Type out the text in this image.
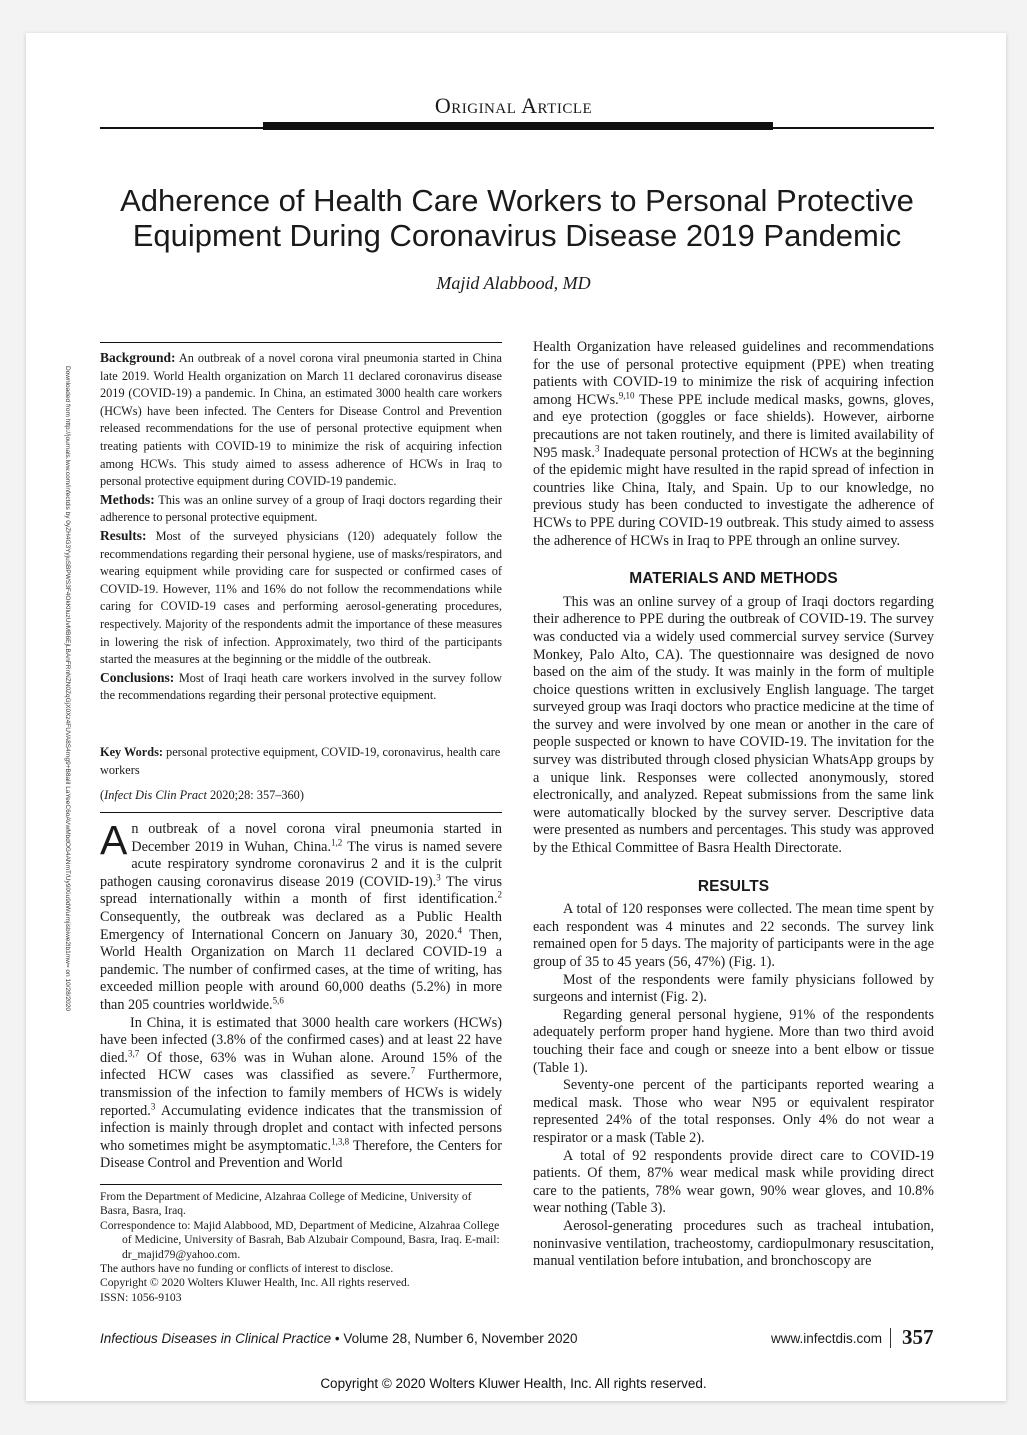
Original Article
Adherence of Health Care Workers to Personal Protective Equipment During Coronavirus Disease 2019 Pandemic
Majid Alabbood, MD
Downloaded from http://journals.lww.com/infectdis by 0yZH4G3YyjuSBPWS3F4OkKlluzUvMB6EjLBAnFRnNZN0ZqGjX0Xz4FUVA8S4rng9+B8alil LaYeeC6oAVwMbdOG4ANmT/Uy9lXiu9dWuimjisbiwe2lb1mw= on 10/28/2020

Background: An outbreak of a novel corona viral pneumonia started in China late 2019. World Health organization on March 11 declared coronavirus disease 2019 (COVID-19) a pandemic. In China, an estimated 3000 health care workers (HCWs) have been infected. The Centers for Disease Control and Prevention released recommendations for the use of personal protective equipment when treating patients with COVID-19 to minimize the risk of acquiring infection among HCWs. This study aimed to assess adherence of HCWs in Iraq to personal protective equipment during COVID-19 pandemic.

Methods: This was an online survey of a group of Iraqi doctors regarding their adherence to personal protective equipment.

Results: Most of the surveyed physicians (120) adequately follow the recommendations regarding their personal hygiene, use of masks/respirators, and wearing equipment while providing care for suspected or confirmed cases of COVID-19. However, 11% and 16% do not follow the recommendations while caring for COVID-19 cases and performing aerosol-generating procedures, respectively. Majority of the respondents admit the importance of these measures in lowering the risk of infection. Approximately, two third of the participants started the measures at the beginning or the middle of the outbreak.

Conclusions: Most of Iraqi heath care workers involved in the survey follow the recommendations regarding their personal protective equipment.

Key Words: personal protective equipment, COVID-19, coronavirus, health care workers
(Infect Dis Clin Pract 2020;28: 357–360)

An outbreak of a novel corona viral pneumonia started in December 2019 in Wuhan, China.$^{1,2}$ The virus is named severe acute respiratory syndrome coronavirus 2 and it is the culprit pathogen causing coronavirus disease 2019 (COVID-19).$^3$ The virus spread internationally within a month of first identification.$^2$ Consequently, the outbreak was declared as a Public Health Emergency of International Concern on January 30, 2020.$^4$ Then, World Health Organization on March 11 declared COVID-19 a pandemic. The number of confirmed cases, at the time of writing, has exceeded million people with around 60,000 deaths (5.2%) in more than 205 countries worldwide.$^{5,6}$

In China, it is estimated that 3000 health care workers (HCWs) have been infected (3.8% of the confirmed cases) and at least 22 have died.$^{3,7}$ Of those, 63% was in Wuhan alone. Around 15% of the infected HCW cases was classified as severe.$^7$ Furthermore, transmission of the infection to family members of HCWs is widely reported.$^3$ Accumulating evidence indicates that the transmission of infection is mainly through droplet and contact with infected persons who sometimes might be asymptomatic.$^{1,3,8}$ Therefore, the Centers for Disease Control and Prevention and World

From the Department of Medicine, Alzahraa College of Medicine, University of Basra, Basra, Iraq.

Correspondence to: Majid Alabbood, MD, Department of Medicine, Alzahraa College of Medicine, University of Basrah, Bab Alzubair Compound, Basra, Iraq. E-mail: dr_majid79@yahoo.com.

The authors have no funding or conflicts of interest to disclose.

Copyright © 2020 Wolters Kluwer Health, Inc. All rights reserved.

ISSN: 1056-9103

Health Organization have released guidelines and recommendations for the use of personal protective equipment (PPE) when treating patients with COVID-19 to minimize the risk of acquiring infection among HCWs.$^{9,10}$ These PPE include medical masks, gowns, gloves, and eye protection (goggles or face shields). However, airborne precautions are not taken routinely, and there is limited availability of N95 mask.$^3$ Inadequate personal protection of HCWs at the beginning of the epidemic might have resulted in the rapid spread of infection in countries like China, Italy, and Spain. Up to our knowledge, no previous study has been conducted to investigate the adherence of HCWs to PPE during COVID-19 outbreak. This study aimed to assess the adherence of HCWs in Iraq to PPE through an online survey.

MATERIALS AND METHODS

This was an online survey of a group of Iraqi doctors regarding their adherence to PPE during the outbreak of COVID-19. The survey was conducted via a widely used commercial survey service (Survey Monkey, Palo Alto, CA). The questionnaire was designed de novo based on the aim of the study. It was mainly in the form of multiple choice questions written in exclusively English language. The target surveyed group was Iraqi doctors who practice medicine at the time of the survey and were involved by one mean or another in the care of people suspected or known to have COVID-19. The invitation for the survey was distributed through closed physician WhatsApp groups by a unique link. Responses were collected anonymously, stored electronically, and analyzed. Repeat submissions from the same link were automatically blocked by the survey server. Descriptive data were presented as numbers and percentages. This study was approved by the Ethical Committee of Basra Health Directorate.

RESULTS

A total of 120 responses were collected. The mean time spent by each respondent was 4 minutes and 22 seconds. The survey link remained open for 5 days. The majority of participants were in the age group of 35 to 45 years (56, 47%) (Fig. 1).

Most of the respondents were family physicians followed by surgeons and internist (Fig. 2).

Regarding general personal hygiene, 91% of the respondents adequately perform proper hand hygiene. More than two third avoid touching their face and cough or sneeze into a bent elbow or tissue (Table 1).

Seventy-one percent of the participants reported wearing a medical mask. Those who wear N95 or equivalent respirator represented 24% of the total responses. Only 4% do not wear a respirator or a mask (Table 2).

A total of 92 respondents provide direct care to COVID-19 patients. Of them, 87% wear medical mask while providing direct care to the patients, 78% wear gown, 90% wear gloves, and 10.8% wear nothing (Table 3).

Aerosol-generating procedures such as tracheal intubation, noninvasive ventilation, tracheostomy, cardiopulmonary resuscitation, manual ventilation before intubation, and bronchoscopy are

Infectious Diseases in Clinical Practice • Volume 28, Number 6, November 2020	www.infectdis.com 357
Copyright © 2020 Wolters Kluwer Health, Inc. All rights reserved.
